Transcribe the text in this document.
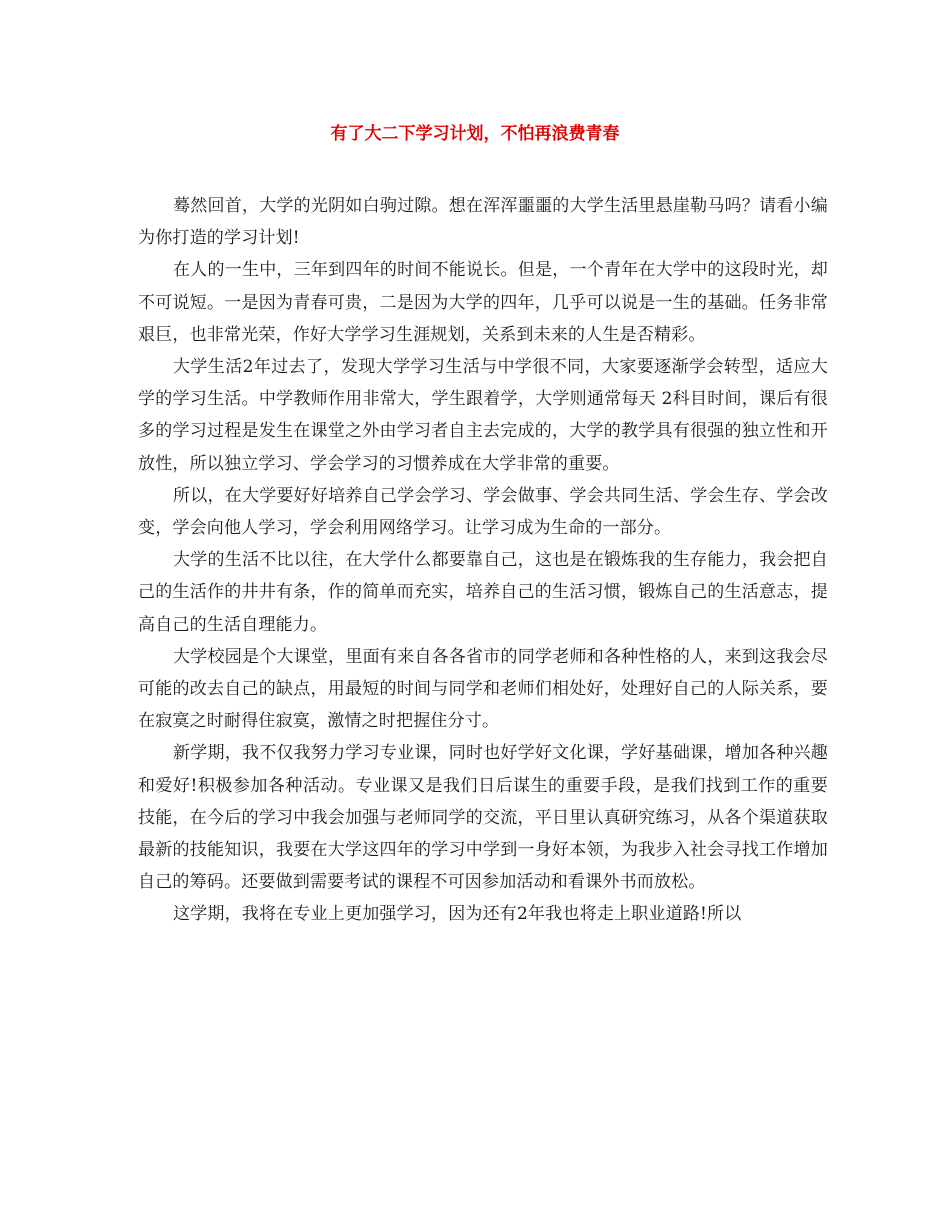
有了大二下学习计划，不怕再浪费青春

蓦然回首，大学的光阴如白驹过隙。想在浑浑噩噩的大学生活里悬崖勒马吗？请看小编为你打造的学习计划!

在人的一生中，三年到四年的时间不能说长。但是，一个青年在大学中的这段时光，却不可说短。一是因为青春可贵，二是因为大学的四年，几乎可以说是一生的基础。任务非常艰巨，也非常光荣，作好大学学习生涯规划，关系到未来的人生是否精彩。

大学生活2年过去了，发现大学学习生活与中学很不同，大家要逐渐学会转型，适应大学的学习生活。中学教师作用非常大，学生跟着学，大学则通常每天 2科目时间，课后有很多的学习过程是发生在课堂之外由学习者自主去完成的，大学的教学具有很强的独立性和开放性，所以独立学习、学会学习的习惯养成在大学非常的重要。

所以，在大学要好好培养自己学会学习、学会做事、学会共同生活、学会生存、学会改变，学会向他人学习，学会利用网络学习。让学习成为生命的一部分。

大学的生活不比以往，在大学什么都要靠自己，这也是在锻炼我的生存能力，我会把自己的生活作的井井有条，作的简单而充实，培养自己的生活习惯，锻炼自己的生活意志，提高自己的生活自理能力。

大学校园是个大课堂，里面有来自各各省市的同学老师和各种性格的人，来到这我会尽可能的改去自己的缺点，用最短的时间与同学和老师们相处好，处理好自己的人际关系，要在寂寞之时耐得住寂寞，激情之时把握住分寸。

新学期，我不仅我努力学习专业课，同时也好学好文化课，学好基础课，增加各种兴趣和爱好!积极参加各种活动。专业课又是我们日后谋生的重要手段，是我们找到工作的重要技能，在今后的学习中我会加强与老师同学的交流，平日里认真研究练习，从各个渠道获取最新的技能知识，我要在大学这四年的学习中学到一身好本领，为我步入社会寻找工作增加自己的筹码。还要做到需要考试的课程不可因参加活动和看课外书而放松。

这学期，我将在专业上更加强学习，因为还有2年我也将走上职业道路!所以
